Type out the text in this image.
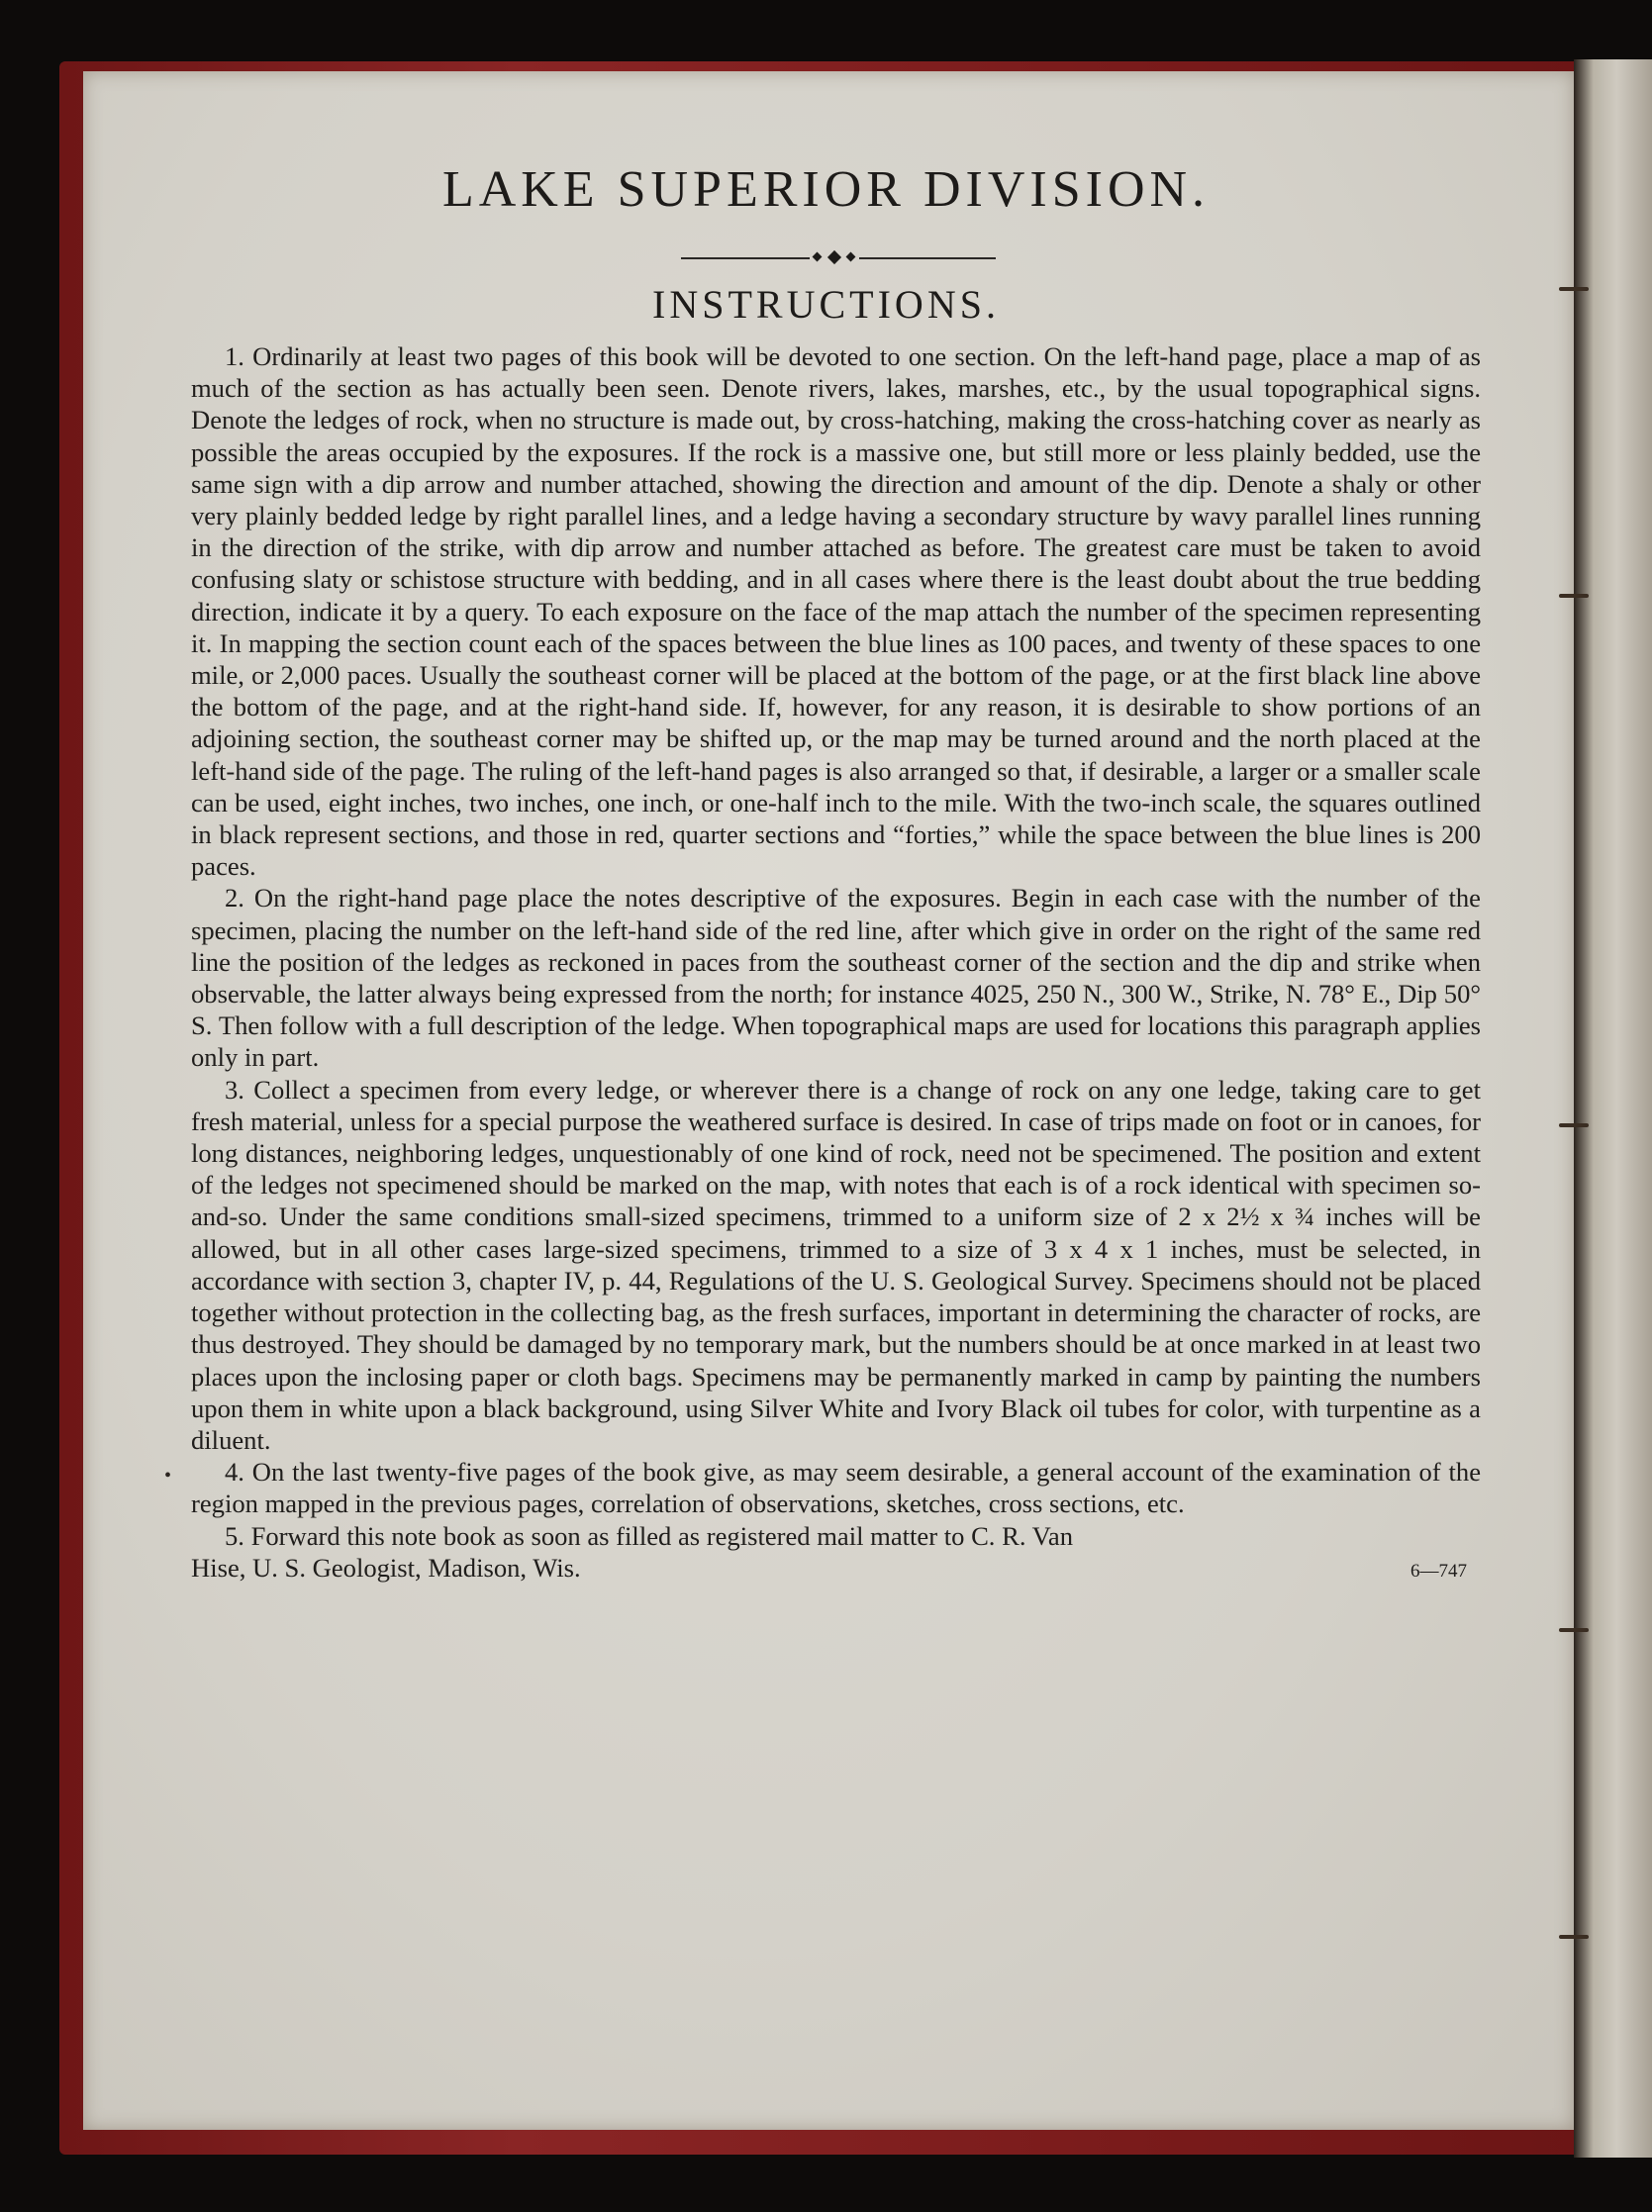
LAKE SUPERIOR DIVISION.
INSTRUCTIONS.
•

1. Ordinarily at least two pages of this book will be devoted to one section. On the left-hand page, place a map of as much of the section as has actually been seen. Denote rivers, lakes, marshes, etc., by the usual topographical signs. Denote the ledges of rock, when no structure is made out, by cross-hatching, making the cross-hatching cover as nearly as possible the areas occupied by the exposures. If the rock is a massive one, but still more or less plainly bedded, use the same sign with a dip arrow and number attached, showing the direction and amount of the dip. Denote a shaly or other very plainly bedded ledge by right parallel lines, and a ledge having a secondary structure by wavy parallel lines running in the direction of the strike, with dip arrow and number attached as before. The greatest care must be taken to avoid confusing slaty or schistose structure with bedding, and in all cases where there is the least doubt about the true bedding direction, indicate it by a query. To each exposure on the face of the map attach the number of the specimen representing it. In mapping the section count each of the spaces between the blue lines as 100 paces, and twenty of these spaces to one mile, or 2,000 paces. Usually the southeast corner will be placed at the bottom of the page, or at the first black line above the bottom of the page, and at the right-hand side. If, however, for any reason, it is desirable to show portions of an adjoining section, the southeast corner may be shifted up, or the map may be turned around and the north placed at the left-hand side of the page. The ruling of the left-hand pages is also arranged so that, if desirable, a larger or a smaller scale can be used, eight inches, two inches, one inch, or one-half inch to the mile. With the two-inch scale, the squares outlined in black represent sections, and those in red, quarter sections and “forties,” while the space between the blue lines is 200 paces.

2. On the right-hand page place the notes descriptive of the exposures. Begin in each case with the number of the specimen, placing the number on the left-hand side of the red line, after which give in order on the right of the same red line the position of the ledges as reckoned in paces from the southeast corner of the section and the dip and strike when observable, the latter always being expressed from the north; for instance 4025, 250 N., 300 W., Strike, N. 78° E., Dip 50° S. Then follow with a full description of the ledge. When topographical maps are used for locations this paragraph applies only in part.

3. Collect a specimen from every ledge, or wherever there is a change of rock on any one ledge, taking care to get fresh material, unless for a special purpose the weathered surface is desired. In case of trips made on foot or in canoes, for long distances, neighboring ledges, unquestionably of one kind of rock, need not be specimened. The position and extent of the ledges not specimened should be marked on the map, with notes that each is of a rock identical with specimen so-and-so. Under the same conditions small-sized specimens, trimmed to a uniform size of 2 x 2½ x ¾ inches will be allowed, but in all other cases large-sized specimens, trimmed to a size of 3 x 4 x 1 inches, must be selected, in accordance with section 3, chapter IV, p. 44, Regulations of the U. S. Geological Survey. Specimens should not be placed together without protection in the collecting bag, as the fresh surfaces, important in determining the character of rocks, are thus destroyed. They should be damaged by no temporary mark, but the numbers should be at once marked in at least two places upon the inclosing paper or cloth bags. Specimens may be permanently marked in camp by painting the numbers upon them in white upon a black background, using Silver White and Ivory Black oil tubes for color, with turpentine as a diluent.

4. On the last twenty-five pages of the book give, as may seem desirable, a general account of the examination of the region mapped in the previous pages, correlation of observations, sketches, cross sections, etc.

5. Forward this note book as soon as filled as registered mail matter to C. R. Van

Hise, U. S. Geologist, Madison, Wis.	6—747
